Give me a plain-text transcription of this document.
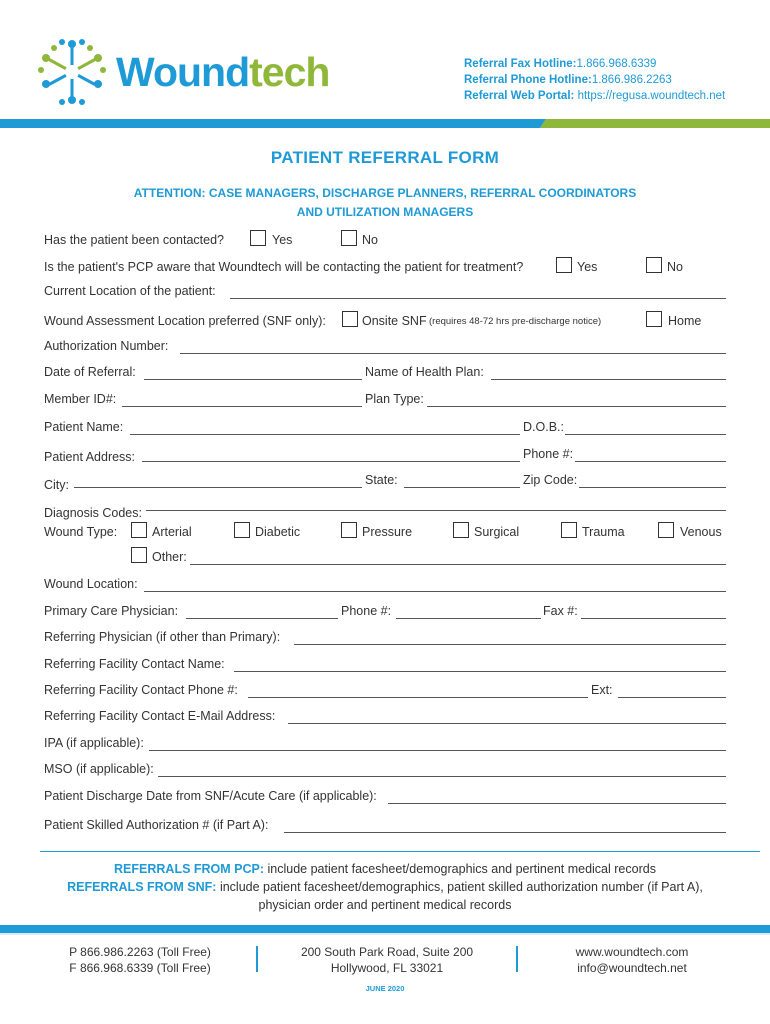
Woundtech	Referral Fax Hotline:1.866.968.6339
Referral Phone Hotline:1.866.986.2263
Referral Web Portal: https://regusa.woundtech.net
PATIENT REFERRAL FORM
ATTENTION: CASE MANAGERS, DISCHARGE PLANNERS, REFERRAL COORDINATORS
AND UTILIZATION MANAGERS
Has the patient been contacted?	Yes	No
Is the patient's PCP aware that Woundtech will be contacting the patient for treatment?	Yes	No
Current Location of the patient:
Wound Assessment Location preferred (SNF only):	Onsite SNF (requires 48-72 hrs pre-discharge notice)	Home
Authorization Number:
Date of Referral:	Name of Health Plan:
Member ID#:	Plan Type:
Patient Name:	D.O.B.:
Patient Address:	Phone #:
City:	State:	Zip Code:
Diagnosis Codes:
Wound Type:	Arterial	Diabetic	Pressure	Surgical	Trauma	Venous
Other:
Wound Location:
Primary Care Physician:	Phone #:	Fax #:
Referring Physician (if other than Primary):
Referring Facility Contact Name:
Referring Facility Contact Phone #:	Ext:
Referring Facility Contact E-Mail Address:
IPA (if applicable):
MSO (if applicable):
Patient Discharge Date from SNF/Acute Care (if applicable):
Patient Skilled Authorization # (if Part A):
REFERRALS FROM PCP: include patient facesheet/demographics and pertinent medical records
REFERRALS FROM SNF: include patient facesheet/demographics, patient skilled authorization number (if Part A),
physician order and pertinent medical records
P 866.986.2263 (Toll Free)
F 866.968.6339 (Toll Free)
200 South Park Road, Suite 200
Hollywood, FL 33021
www.woundtech.com
info@woundtech.net
JUNE 2020
